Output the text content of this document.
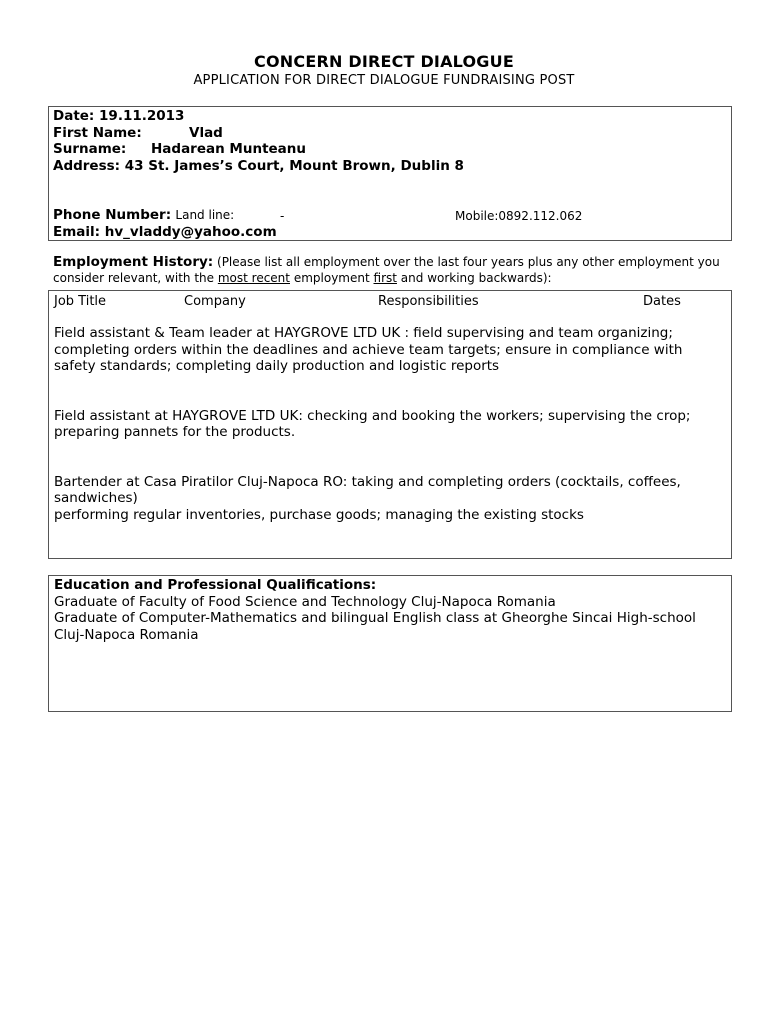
CONCERN DIRECT DIALOGUE
APPLICATION FOR DIRECT DIALOGUE FUNDRAISING POST
Date: 19.11.2013
First Name:	Vlad
Surname: Hadarean Munteanu
Address: 43 St. James’s Court, Mount Brown, Dublin 8
Phone Number: Land line:	-	Mobile:0892.112.062
Email: hv_vladdy@yahoo.com
Employment History: (Please list all employment over the last four years plus any other employment you consider relevant, with the most recent employment first and working backwards):
Job Title	Company	Responsibilities	Dates
Field assistant & Team leader at HAYGROVE LTD UK : field supervising and team organizing; completing orders within the deadlines and achieve team targets; ensure in compliance with safety standards; completing daily production and logistic reports
Field assistant at HAYGROVE LTD UK: checking and booking the workers; supervising the crop; preparing pannets for the products.
Bartender at Casa Piratilor Cluj-Napoca RO: taking and completing orders (cocktails, coffees, sandwiches)
performing regular inventories, purchase goods; managing the existing stocks
Education and Professional Qualifications:
Graduate of Faculty of Food Science and Technology Cluj-Napoca Romania
Graduate of Computer-Mathematics and bilingual English class at Gheorghe Sincai High-school Cluj-Napoca Romania
